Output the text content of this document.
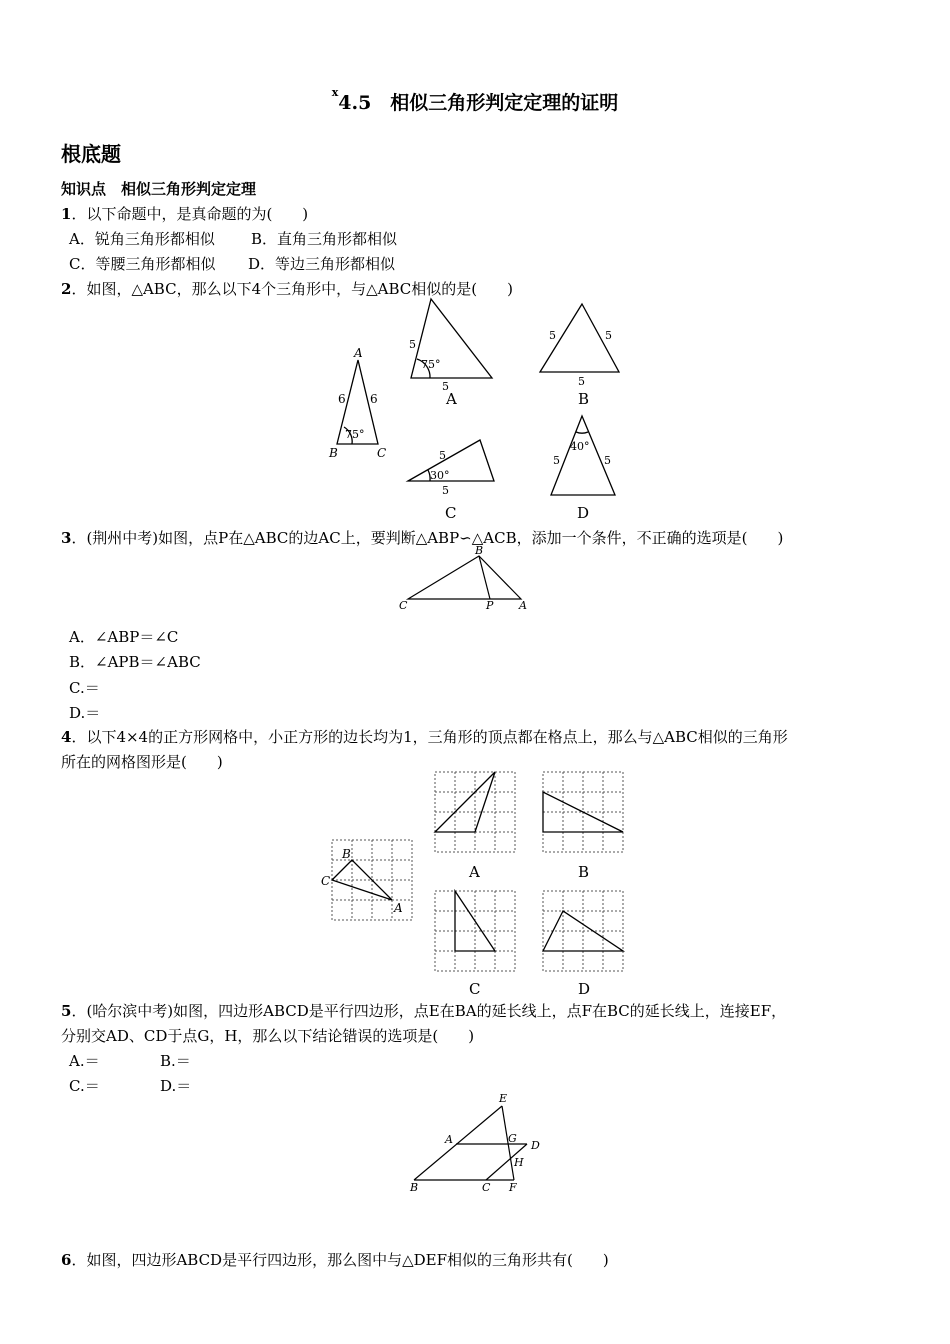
$^x$4.5　相似三角形判定定理的证明
根底题
知识点　相似三角形判定定理
1．以下命题中，是真命题的为(　　)
A．锐角三角形都相似 B．直角三角形都相似
C．等腰三角形都相似 D．等边三角形都相似
2．如图，△ABC，那么以下4个三角形中，与△ABC相似的是(　　)
A
B	C
6 6
75°
5
5
75°
A
5	5
5
B
5
5
30°
C
5	5
40°
D
3．(荆州中考)如图，点P在△ABC的边AC上，要判断△ABP∽△ACB，添加一个条件，不正确的选项是(　　)
B
C	P A
A．∠ABP＝∠C
B．∠APB＝∠ABC
C.＝
D.＝
4．以下4×4的正方形网格中，小正方形的边长均为1，三角形的顶点都在格点上，那么与△ABC相似的三角形
所在的网格图形是(　　)
B
C
A
A	B
C	D
5．(哈尔滨中考)如图，四边形ABCD是平行四边形，点E在BA的延长线上，点F在BC的延长线上，连接EF，
分别交AD、CD于点G，H，那么以下结论错误的选项是(　　)
A.＝	B.＝
C.＝	D.＝
E
A	G
D
H
B	C F
6．如图，四边形ABCD是平行四边形，那么图中与△DEF相似的三角形共有(　　)
